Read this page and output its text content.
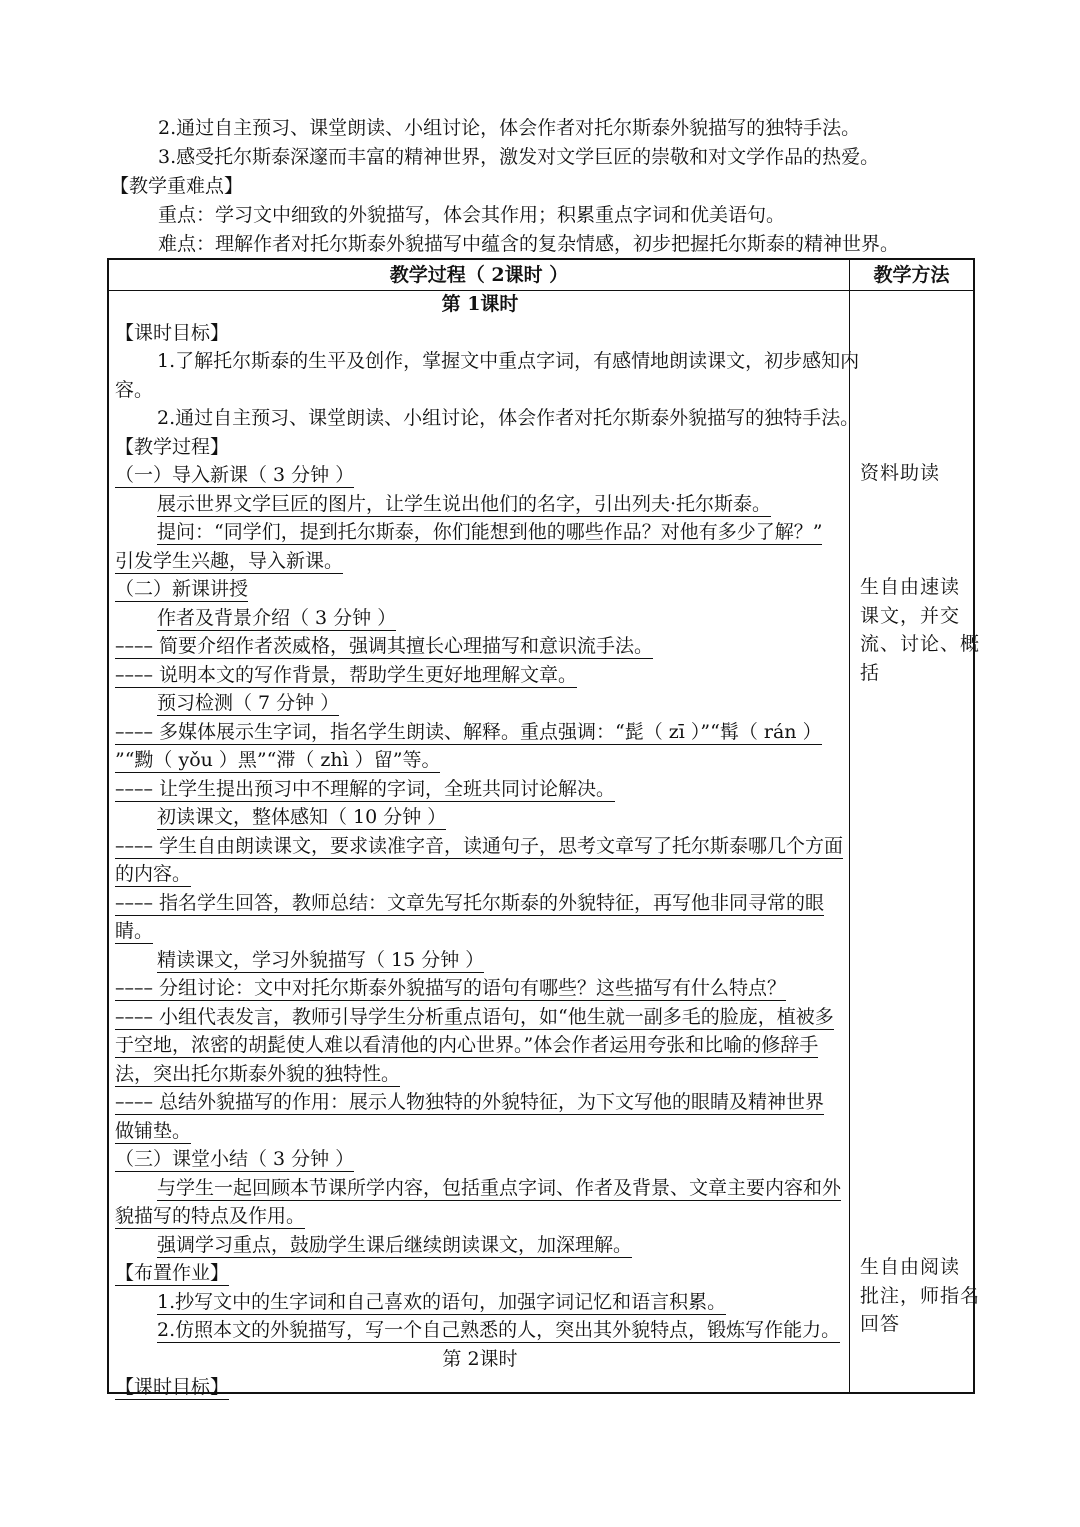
2.通过自主预习、课堂朗读、小组讨论，体会作者对托尔斯泰外貌描写的独特手法。

3.感受托尔斯泰深邃而丰富的精神世界，激发对文学巨匠的崇敬和对文学作品的热爱。

【教学重难点】

重点：学习文中细致的外貌描写，体会其作用；积累重点字词和优美语句。

难点：理解作者对托尔斯泰外貌描写中蕴含的复杂情感，初步把握托尔斯泰的精神世界。

教学过程（ 2课时 ）	教学方法
第 1课时
【课时目标】
1.了解托尔斯泰的生平及创作，掌握文中重点字词，有感情地朗读课文，初步感知内
容。
2.通过自主预习、课堂朗读、小组讨论，体会作者对托尔斯泰外貌描写的独特手法。
【教学过程】
（一）导入新课（ 3 分钟 ）
展示世界文学巨匠的图片，让学生说出他们的名字，引出列夫·托尔斯泰。
提问：“同学们，提到托尔斯泰，你们能想到他的哪些作品？对他有多少了解？”
引发学生兴趣，导入新课。
（二）新课讲授
作者及背景介绍（ 3 分钟 ）
–––– 简要介绍作者茨威格，强调其擅长心理描写和意识流手法。
–––– 说明本文的写作背景，帮助学生更好地理解文章。
预习检测（ 7 分钟 ）
–––– 多媒体展示生字词，指名学生朗读、解释。重点强调：“髭（ zī ）”“髯（ rán ）
”“黝（ yǒu ）黑”“滞（ zhì ）留”等。
–––– 让学生提出预习中不理解的字词，全班共同讨论解决。
初读课文，整体感知（ 10 分钟 ）
–––– 学生自由朗读课文，要求读准字音，读通句子，思考文章写了托尔斯泰哪几个方面
的内容。
–––– 指名学生回答，教师总结：文章先写托尔斯泰的外貌特征，再写他非同寻常的眼
睛。
精读课文，学习外貌描写（ 15 分钟 ）
–––– 分组讨论：文中对托尔斯泰外貌描写的语句有哪些？这些描写有什么特点？
–––– 小组代表发言，教师引导学生分析重点语句，如“他生就一副多毛的脸庞，植被多
于空地，浓密的胡髭使人难以看清他的内心世界。”体会作者运用夸张和比喻的修辞手
法，突出托尔斯泰外貌的独特性。
–––– 总结外貌描写的作用：展示人物独特的外貌特征，为下文写他的眼睛及精神世界
做铺垫。
（三）课堂小结（ 3 分钟 ）
与学生一起回顾本节课所学内容，包括重点字词、作者及背景、文章主要内容和外
貌描写的特点及作用。
强调学习重点，鼓励学生课后继续朗读课文，加深理解。
【布置作业】
1.抄写文中的生字词和自己喜欢的语句，加强字词记忆和语言积累。
2.仿照本文的外貌描写，写一个自己熟悉的人，突出其外貌特点，锻炼写作能力。
第 2课时
【课时目标】
资料助读
生自由速读
课文，并交
流、讨论、概
括
生自由阅读
批注，师指名
回答
